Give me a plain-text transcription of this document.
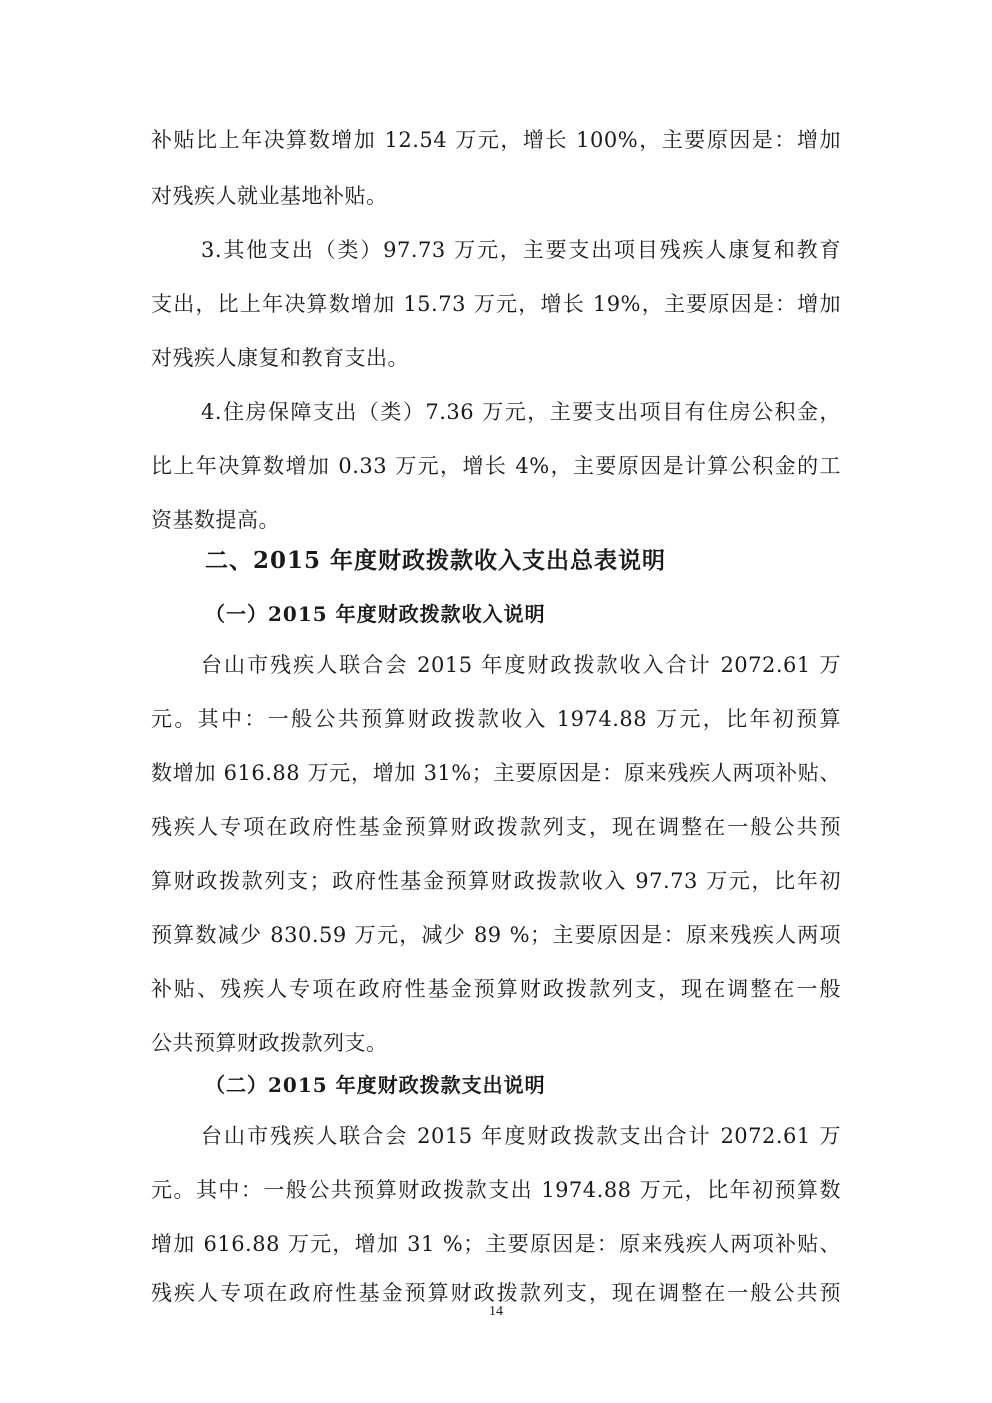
补贴比上年决算数增加 12.54 万元，增长 100%，主要原因是：增加
对残疾人就业基地补贴。
3.其他支出（类）97.73 万元，主要支出项目残疾人康复和教育
支出，比上年决算数增加 15.73 万元，增长 19%，主要原因是：增加
对残疾人康复和教育支出。
4.住房保障支出（类）7.36 万元，主要支出项目有住房公积金，
比上年决算数增加 0.33 万元，增长 4%，主要原因是计算公积金的工
资基数提高。
二、2015 年度财政拨款收入支出总表说明
（一）2015 年度财政拨款收入说明
台山市残疾人联合会 2015 年度财政拨款收入合计 2072.61 万
元。其中：一般公共预算财政拨款收入 1974.88 万元，比年初预算
数增加 616.88 万元，增加 31%；主要原因是：原来残疾人两项补贴、
残疾人专项在政府性基金预算财政拨款列支，现在调整在一般公共预
算财政拨款列支；政府性基金预算财政拨款收入 97.73 万元，比年初
预算数减少 830.59 万元，减少 89 %；主要原因是：原来残疾人两项
补贴、残疾人专项在政府性基金预算财政拨款列支，现在调整在一般
公共预算财政拨款列支。
（二）2015 年度财政拨款支出说明
台山市残疾人联合会 2015 年度财政拨款支出合计 2072.61 万
元。其中：一般公共预算财政拨款支出 1974.88 万元，比年初预算数
增加 616.88 万元，增加 31 %；主要原因是：原来残疾人两项补贴、
残疾人专项在政府性基金预算财政拨款列支，现在调整在一般公共预
14
